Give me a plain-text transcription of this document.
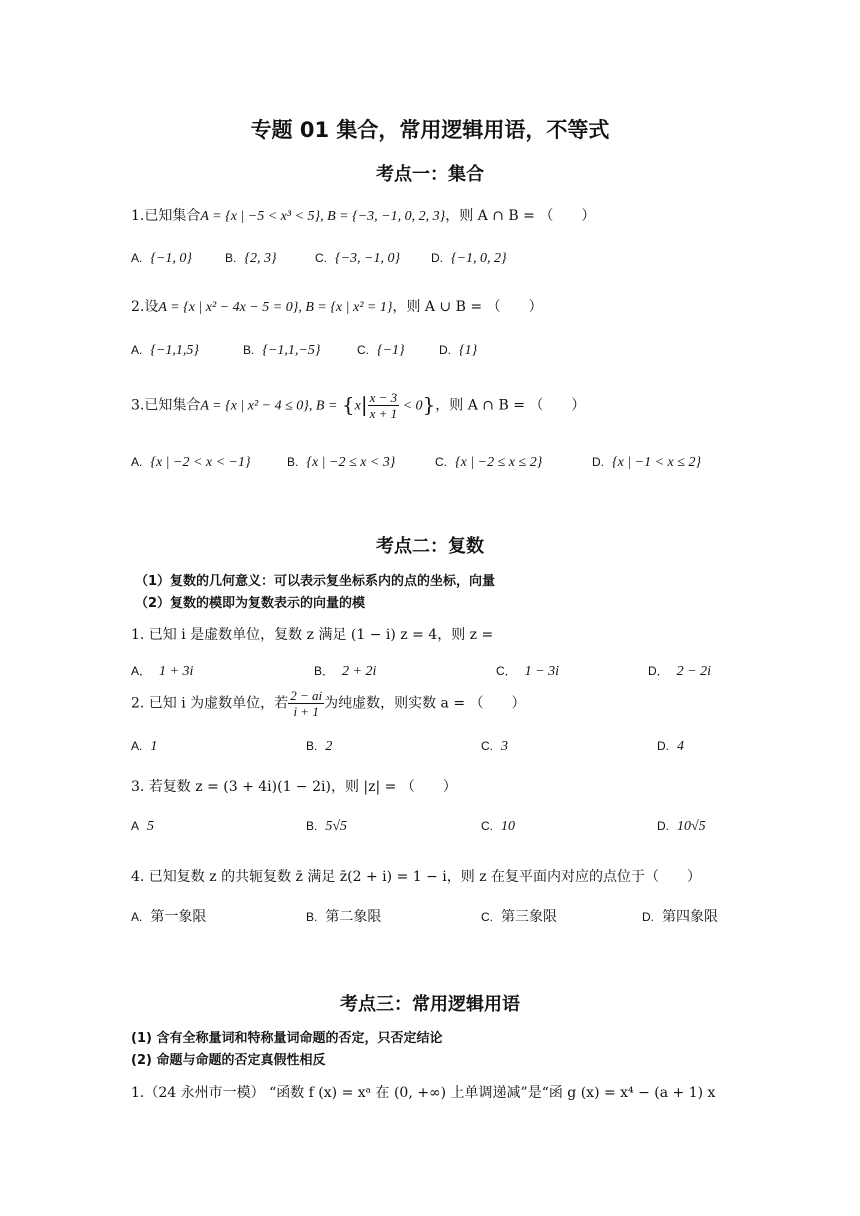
专题 01 集合，常用逻辑用语，不等式
考点一：集合
1.已知集合A = {x | −5 < x³ < 5}, B = {−3, −1, 0, 2, 3}，则 A ∩ B = （　　）
A. {−1, 0}	B. {2, 3}	C. {−3, −1, 0}	D. {−1, 0, 2}
2.设A = {x | x² − 4x − 5 = 0}, B = {x | x² = 1}，则 A ∪ B = （　　）
A. {−1,1,5}	B. {−1,1,−5}	C. {−1}	D. {1}
3.已知集合A = {x | x² − 4 ≤ 0}, $B = \{x| \frac{x - 3}{x + 1} < 0\}$，则 A ∩ B = （　　）
A. {x | −2 < x < −1}	B. {x | −2 ≤ x < 3}	C. {x | −2 ≤ x ≤ 2}	D. {x | −1 < x ≤ 2}
考点二：复数
（1）复数的几何意义：可以表示复坐标系内的点的坐标，向量
（2）复数的模即为复数表示的向量的模
1. 已知 i 是虚数单位，复数 z 满足 (1 − i) z = 4，则 z =
A． 1 + 3i	B． 2 + 2i	C． 1 − 3i	D． 2 − 2i
2. 已知 i 为虚数单位，若 $\frac{2 - ai}{i + 1}$ 为纯虚数，则实数 a = （　　）
A. 1	B. 2	C. 3	D. 4
3. 若复数 z = (3 + 4i)(1 − 2i)，则 |z| = （　　）
A 5	B. 5√5	C. 10	D. 10√5
4. 已知复数 z 的共轭复数 z̄ 满足 z̄(2 + i) = 1 − i，则 z 在复平面内对应的点位于（　　）
A. 第一象限	B. 第二象限	C. 第三象限	D. 第四象限
考点三：常用逻辑用语
(1) 含有全称量词和特称量词命题的否定，只否定结论
(2) 命题与命题的否定真假性相反
1.（24 永州市一模） “函数 f (x) = xᵃ 在 (0, +∞) 上单调递减”是“函 g (x) = x⁴ − (a + 1) x
